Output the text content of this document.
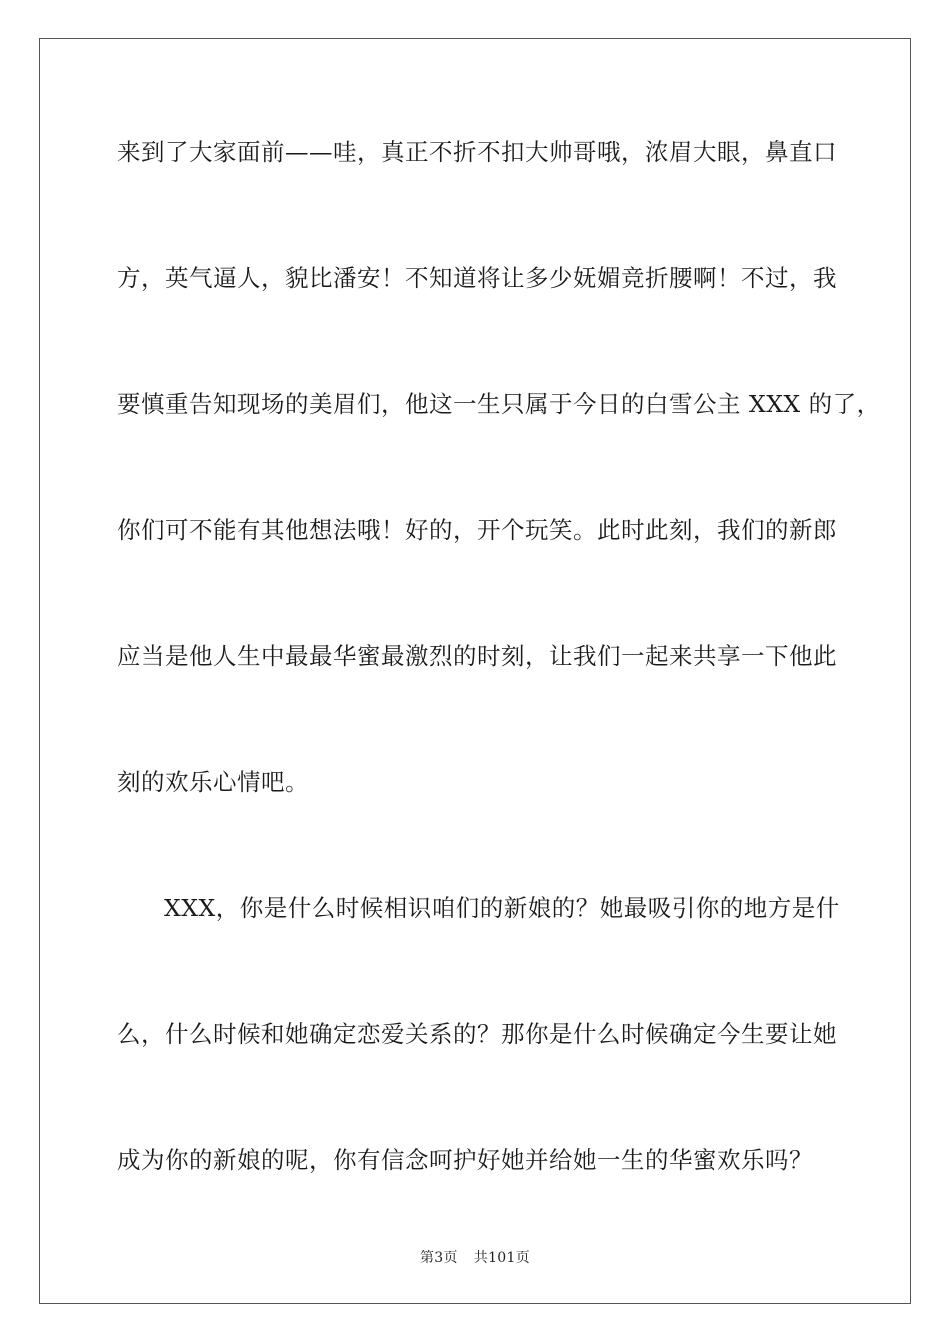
来到了大家面前——哇，真正不折不扣大帅哥哦，浓眉大眼，鼻直口
方，英气逼人，貌比潘安！不知道将让多少妩媚竞折腰啊！不过，我
要慎重告知现场的美眉们，他这一生只属于今日的白雪公主 XXX 的了，
你们可不能有其他想法哦！好的，开个玩笑。此时此刻，我们的新郎
应当是他人生中最最华蜜最激烈的时刻，让我们一起来共享一下他此
刻的欢乐心情吧。
XXX，你是什么时候相识咱们的新娘的？她最吸引你的地方是什
么，什么时候和她确定恋爱关系的？那你是什么时候确定今生要让她
成为你的新娘的呢，你有信念呵护好她并给她一生的华蜜欢乐吗？
第3页 共101页
